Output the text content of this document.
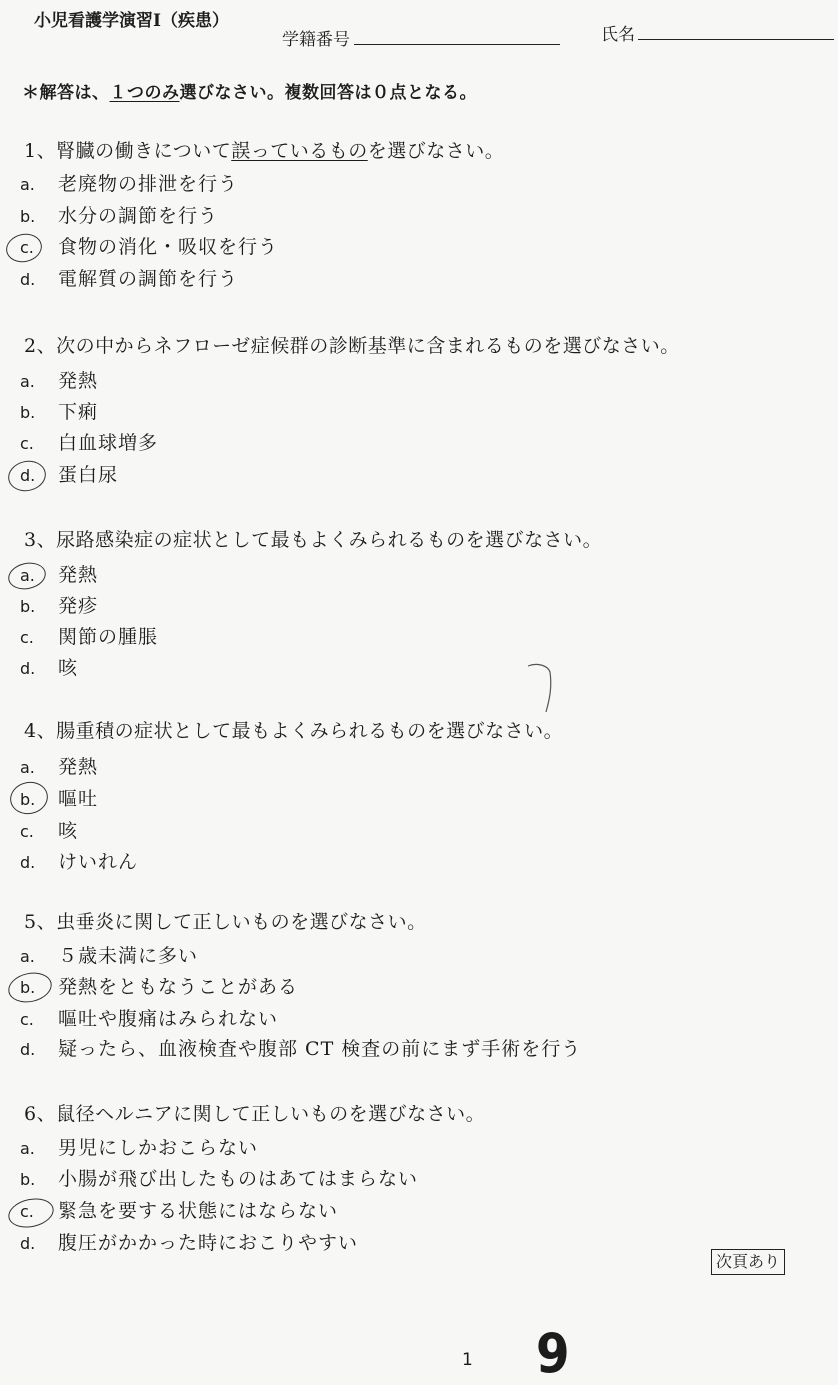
小児看護学演習Ⅰ（疾患）
学籍番号	氏名
＊解答は、１つのみ選びなさい。複数回答は０点となる。
1、腎臓の働きについて誤っているものを選びなさい。
a. 老廃物の排泄を行う
b. 水分の調節を行う
c. 食物の消化・吸収を行う
d. 電解質の調節を行う
2、次の中からネフローゼ症候群の診断基準に含まれるものを選びなさい。
a. 発熱
b. 下痢
c. 白血球増多
d. 蛋白尿
3、尿路感染症の症状として最もよくみられるものを選びなさい。
a. 発熱
b. 発疹
c. 関節の腫脹
d. 咳
4、腸重積の症状として最もよくみられるものを選びなさい。
a. 発熱
b. 嘔吐
c. 咳
d. けいれん
5、虫垂炎に関して正しいものを選びなさい。
a. ５歳未満に多い
b. 発熱をともなうことがある
c. 嘔吐や腹痛はみられない
d. 疑ったら、血液検査や腹部 CT 検査の前にまず手術を行う
6、鼠径ヘルニアに関して正しいものを選びなさい。
a. 男児にしかおこらない
b. 小腸が飛び出したものはあてはまらない
c. 緊急を要する状態にはならない
d. 腹圧がかかった時におこりやすい
次頁あり
1 9
